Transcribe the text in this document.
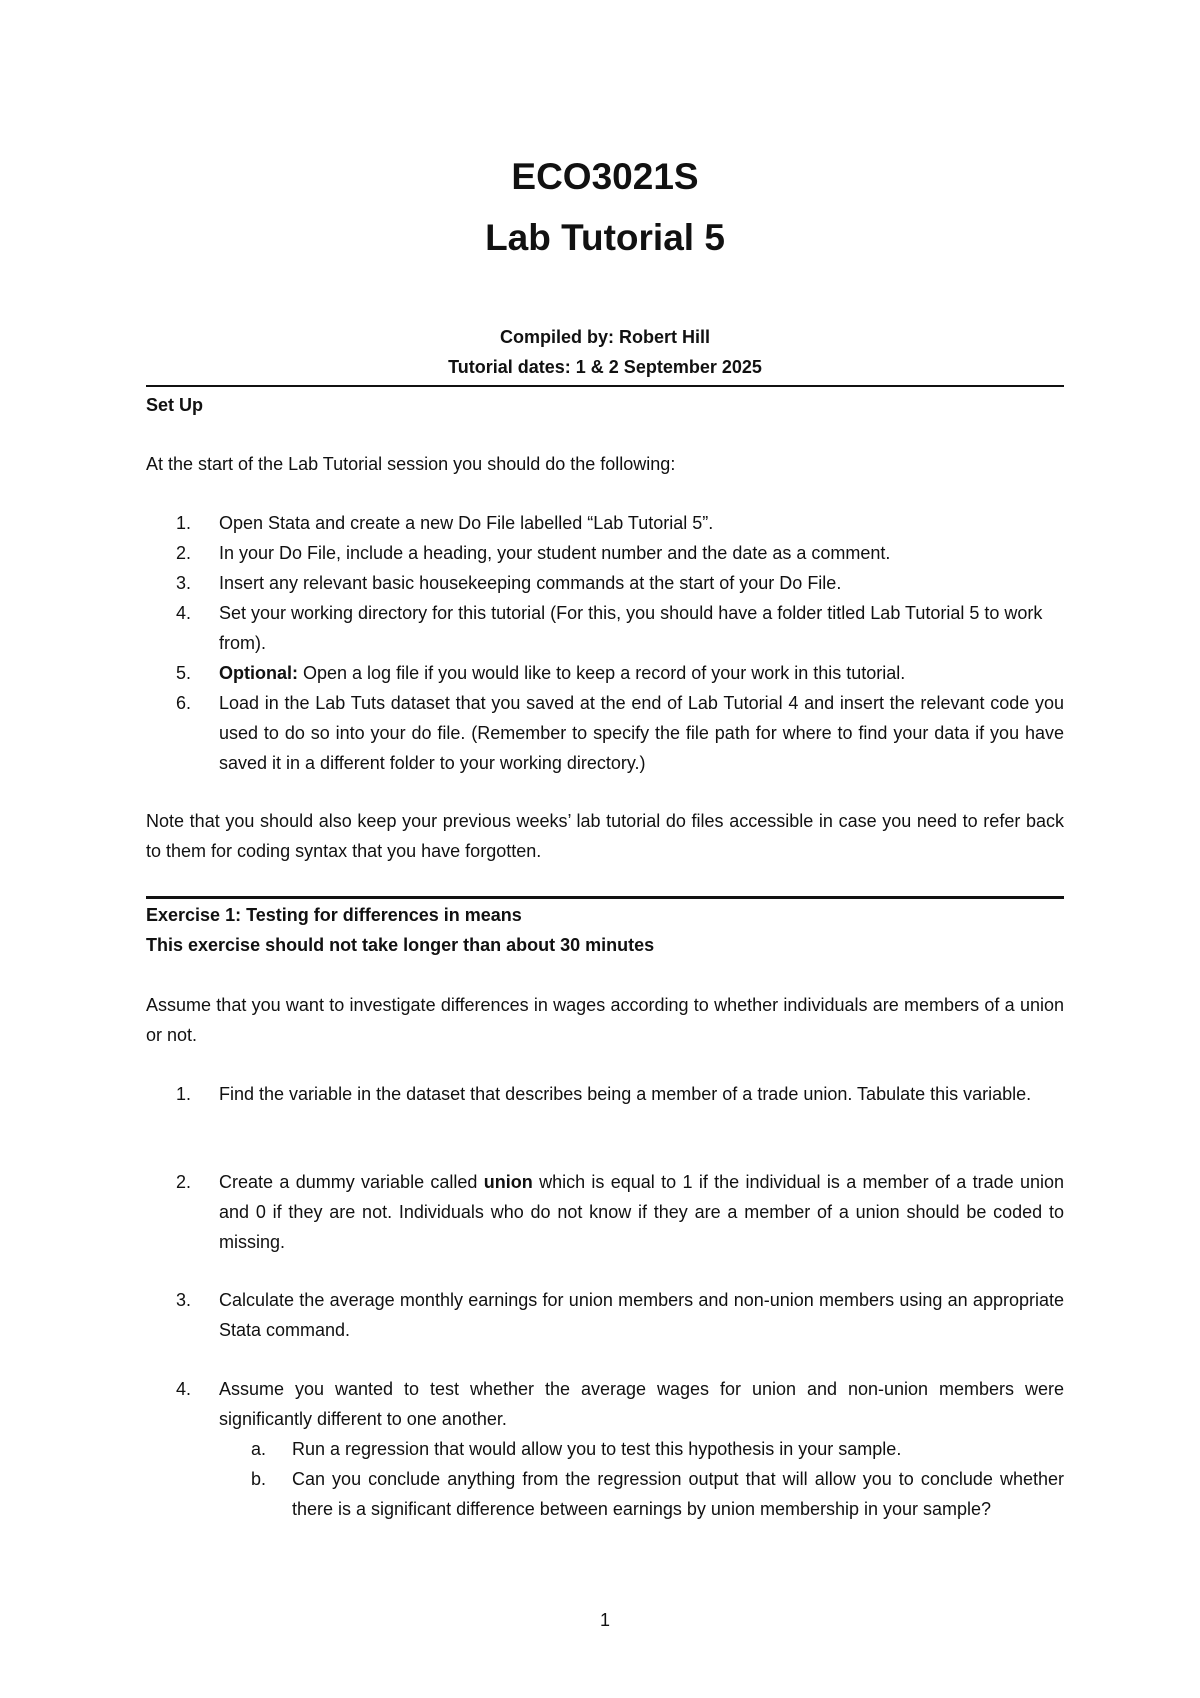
ECO3021S
Lab Tutorial 5
Compiled by: Robert Hill
Tutorial dates: 1 & 2 September 2025
Set Up
At the start of the Lab Tutorial session you should do the following:
1. Open Stata and create a new Do File labelled “Lab Tutorial 5”.
2. In your Do File, include a heading, your student number and the date as a comment.
3. Insert any relevant basic housekeeping commands at the start of your Do File.
4. Set your working directory for this tutorial (For this, you should have a folder titled Lab Tutorial 5 to work from).
5. Optional: Open a log file if you would like to keep a record of your work in this tutorial.
6. Load in the Lab Tuts dataset that you saved at the end of Lab Tutorial 4 and insert the relevant code you used to do so into your do file. (Remember to specify the file path for where to find your data if you have saved it in a different folder to your working directory.)
Note that you should also keep your previous weeks’ lab tutorial do files accessible in case you need to refer back to them for coding syntax that you have forgotten.
Exercise 1: Testing for differences in means
This exercise should not take longer than about 30 minutes
Assume that you want to investigate differences in wages according to whether individuals are members of a union or not.
1. Find the variable in the dataset that describes being a member of a trade union. Tabulate this variable.
2. Create a dummy variable called union which is equal to 1 if the individual is a member of a trade union and 0 if they are not. Individuals who do not know if they are a member of a union should be coded to missing.
3. Calculate the average monthly earnings for union members and non-union members using an appropriate Stata command.
4. Assume you wanted to test whether the average wages for union and non-union members were significantly different to one another.
a. Run a regression that would allow you to test this hypothesis in your sample.
b. Can you conclude anything from the regression output that will allow you to conclude whether there is a significant difference between earnings by union membership in your sample?
1
